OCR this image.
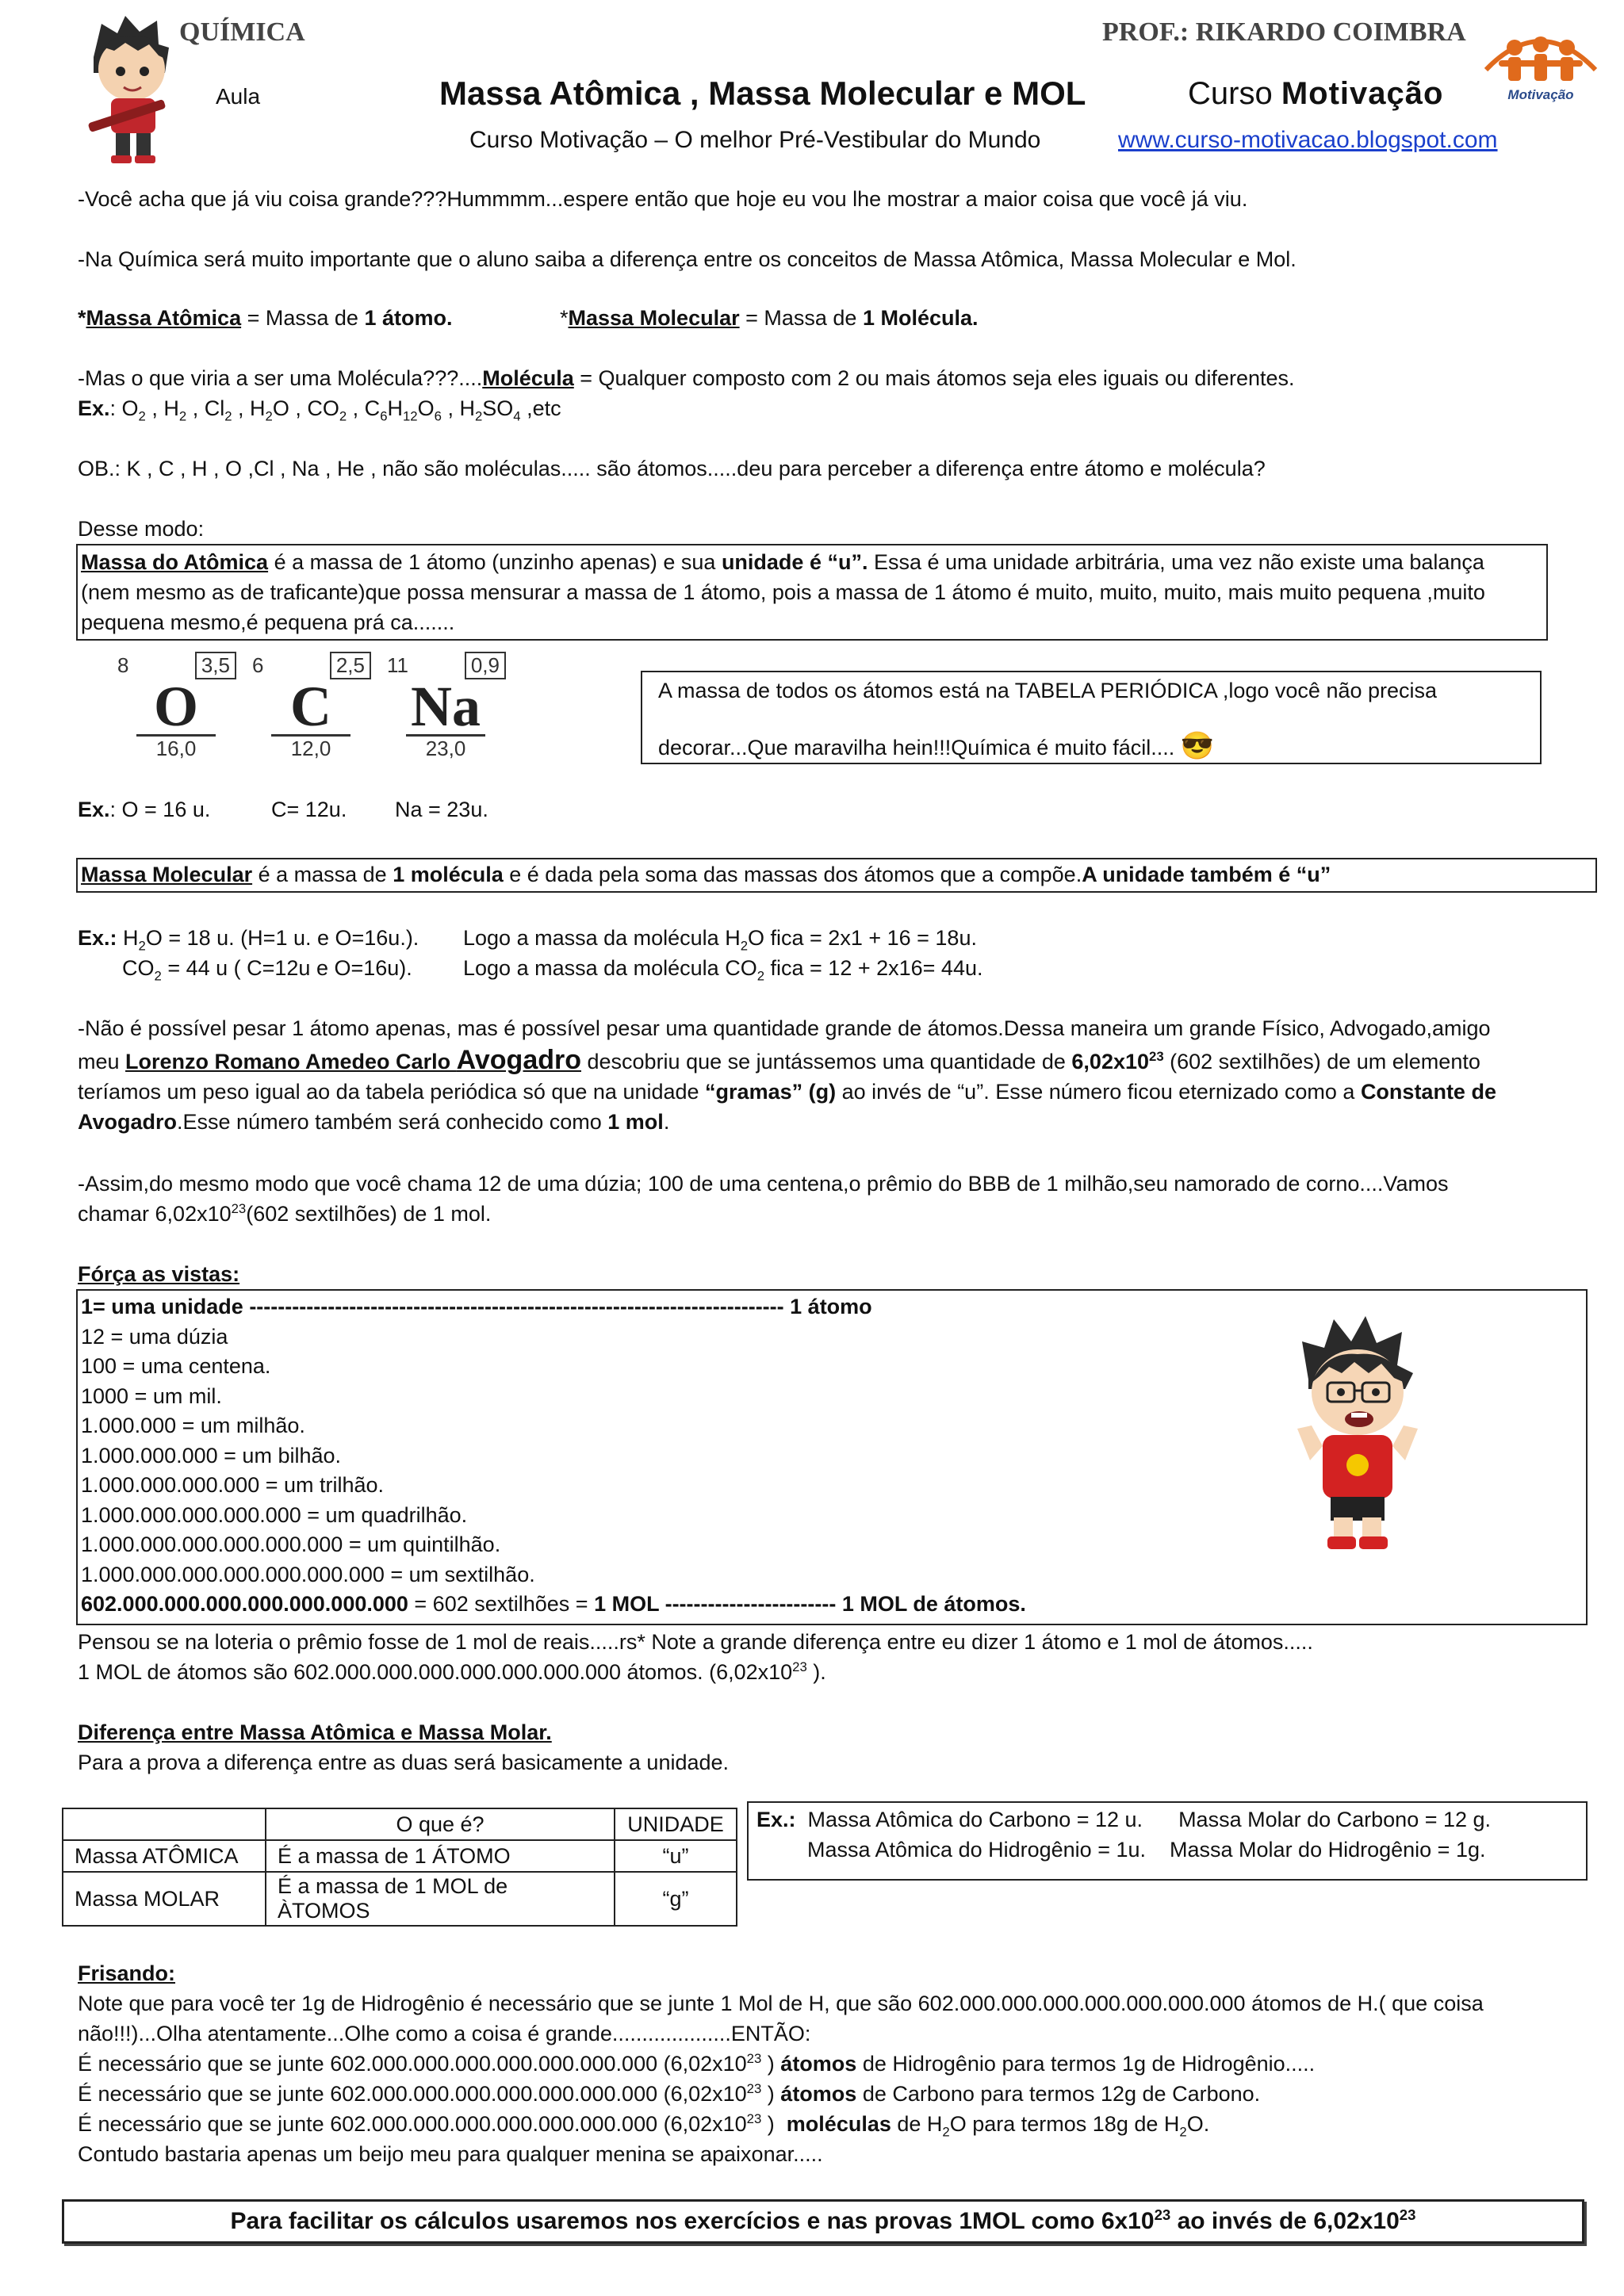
QUÍMICA	PROF.: RIKARDO COIMBRA
Motivação
Aula	Massa Atômica , Massa Molecular e MOL	Curso Motivação
Curso Motivação – O melhor Pré-Vestibular do Mundo	www.curso-motivacao.blogspot.com
-Você acha que já viu coisa grande???Hummmm...espere então que hoje eu vou lhe mostrar a maior coisa que você já viu.
-Na Química será muito importante que o aluno saiba a diferença entre os conceitos de Massa Atômica, Massa Molecular e Mol.
*Massa Atômica = Massa de 1 átomo.	*Massa Molecular = Massa de 1 Molécula.
-Mas o que viria a ser uma Molécula???....Molécula = Qualquer composto com 2 ou mais átomos seja eles iguais ou diferentes.
Ex.: $O_2$ , $H_2$ , $Cl_2$ , $H_2O$ , $CO_2$ , $C_6H_{12}O_6$ , $H_2SO_4$ ,etc
OB.: K , C , H , O ,Cl , Na , He , não são moléculas..... são átomos.....deu para perceber a diferença entre átomo e molécula?
Desse modo:
Massa do Atômica é a massa de 1 átomo (unzinho apenas) e sua unidade é “u”. Essa é uma unidade arbitrária, uma vez não existe uma balança
(nem mesmo as de traficante)que possa mensurar a massa de 1 átomo, pois a massa de 1 átomo é muito, muito, muito, mais muito pequena ,muito
pequena mesmo,é pequena prá ca.......
8	3,5
O
16,0
6	2,5
C
12,0
11	0,9
Na
23,0
A massa de todos os átomos está na TABELA PERIÓDICA ,logo você não precisa
decorar...Que maravilha hein!!!Química é muito fácil.... 😎
Ex.: O = 16 u.	C= 12u. Na = 23u.
Massa Molecular é a massa de 1 molécula e é dada pela soma das massas dos átomos que a compõe.A unidade também é “u”
Ex.: $H_2O = 18$ u. (H=1 u. e O=16u.). Logo a massa da molécula $H_2O$ fica = 2x1 + 16 = 18u.
$CO_2 = 44$ u ( C=12u e O=16u). Logo a massa da molécula $CO_2$ fica = 12 + 2x16= 44u.
-Não é possível pesar 1 átomo apenas, mas é possível pesar uma quantidade grande de átomos.Dessa maneira um grande Físico, Advogado,amigo
meu Lorenzo Romano Amedeo Carlo Avogadro descobriu que se juntássemos uma quantidade de $6,02x10^{23}$ (602 sextilhões) de um elemento
teríamos um peso igual ao da tabela periódica só que na unidade “gramas” (g) ao invés de “u”. Esse número ficou eternizado como a Constante de
Avogadro.Esse número também será conhecido como 1 mol.
-Assim,do mesmo modo que você chama 12 de uma dúzia; 100 de uma centena,o prêmio do BBB de 1 milhão,seu namorado de corno....Vamos
chamar $6,02x10^{23}(602$ sextilhões) de 1 mol.
Fórça as vistas:
1= uma unidade --------------------------------------------------------------------------- 1 átomo
12 = uma dúzia
100 = uma centena.
1000 = um mil.
1.000.000 = um milhão.
1.000.000.000 = um bilhão.
1.000.000.000.000 = um trilhão.
1.000.000.000.000.000 = um quadrilhão.
1.000.000.000.000.000.000 = um quintilhão.
1.000.000.000.000.000.000.000 = um sextilhão.
602.000.000.000.000.000.000.000 = 602 sextilhões = 1 MOL ------------------------ 1 MOL de átomos.
Pensou se na loteria o prêmio fosse de 1 mol de reais.....rs* Note a grande diferença entre eu dizer 1 átomo e 1 mol de átomos.....
1 MOL de átomos são 602.000.000.000.000.000.000.000 átomos. ($6,02x10^{23}$ ).
Diferença entre Massa Atômica e Massa Molar.
Para a prova a diferença entre as duas será basicamente a unidade.
	O que é?	UNIDADE
Massa ATÔMICA	É a massa de 1 ÁTOMO	“u”
Massa MOLAR	É a massa de 1 MOL de ÀTOMOS	“g”
Ex.: Massa Atômica do Carbono = 12 u. Massa Molar do Carbono = 12 g.
Massa Atômica do Hidrogênio = 1u. Massa Molar do Hidrogênio = 1g.
Frisando:
Note que para você ter 1g de Hidrogênio é necessário que se junte 1 Mol de H, que são 602.000.000.000.000.000.000.000 átomos de H.( que coisa
não!!!)...Olha atentamente...Olhe como a coisa é grande....................ENTÃO:
É necessário que se junte 602.000.000.000.000.000.000.000 ($6,02x10^{23}$ ) átomos de Hidrogênio para termos 1g de Hidrogênio.....
É necessário que se junte 602.000.000.000.000.000.000.000 ($6,02x10^{23}$ ) átomos de Carbono para termos 12g de Carbono.
É necessário que se junte 602.000.000.000.000.000.000.000 ($6,02x10^{23}$ )  moléculas de $H_2O$ para termos 18g de $H_2O$.
Contudo bastaria apenas um beijo meu para qualquer menina se apaixonar.....
Para facilitar os cálculos usaremos nos exercícios e nas provas 1MOL como $6x10^{23}$ ao invés de $6,02x10^{23}$
